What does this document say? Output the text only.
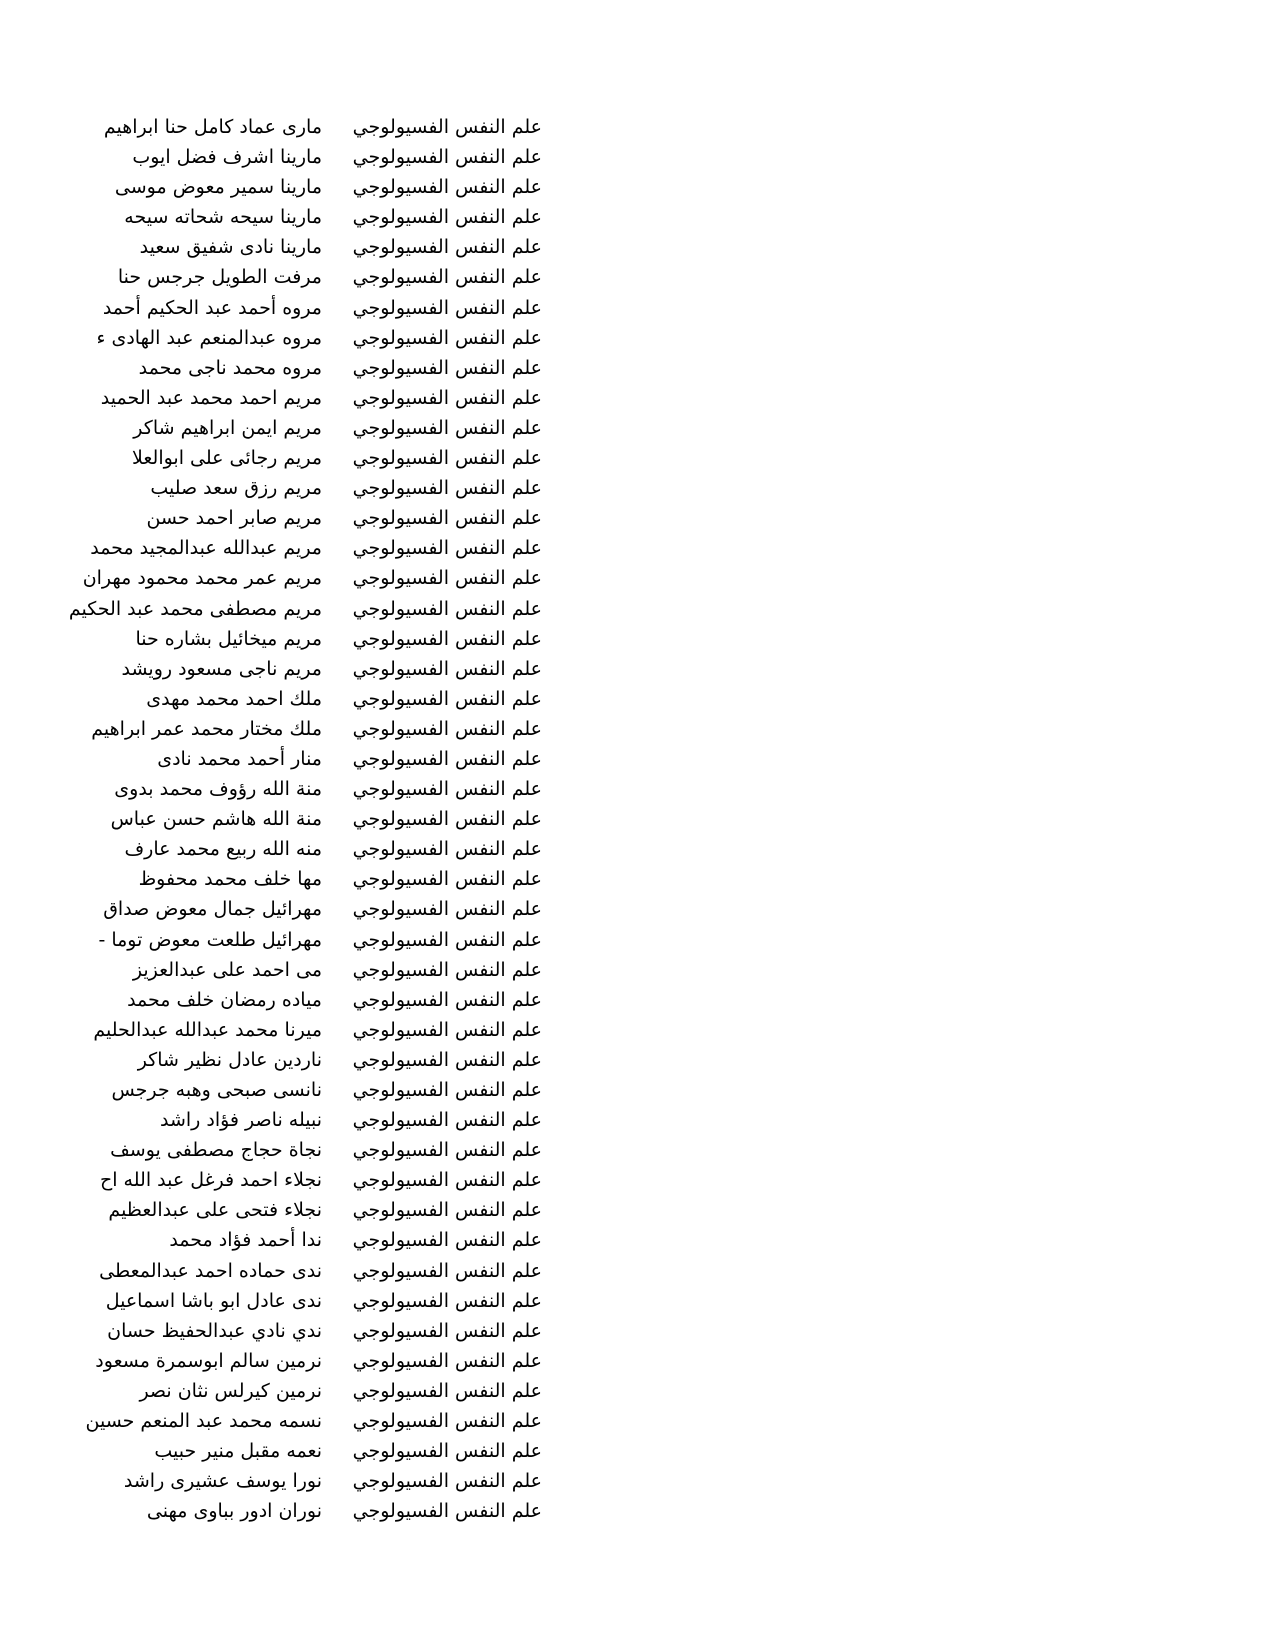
علم النفس الفسيولوجي
مارى عماد كامل حنا ابراهيم
علم النفس الفسيولوجي
مارينا اشرف فضل ايوب
علم النفس الفسيولوجي
مارينا سمير معوض موسى
علم النفس الفسيولوجي
مارينا سيحه شحاته سيحه
علم النفس الفسيولوجي
مارينا نادى شفيق سعيد
علم النفس الفسيولوجي
مرفت الطويل جرجس حنا
علم النفس الفسيولوجي
مروه أحمد عبد الحكيم أحمد
علم النفس الفسيولوجي
مروه عبدالمنعم عبد الهادى ء
علم النفس الفسيولوجي
مروه محمد ناجى محمد
علم النفس الفسيولوجي
مريم احمد محمد عبد الحميد
علم النفس الفسيولوجي
مريم ايمن ابراهيم شاكر
علم النفس الفسيولوجي
مريم رجائى على ابوالعلا
علم النفس الفسيولوجي
مريم رزق سعد صليب
علم النفس الفسيولوجي
مريم صابر احمد حسن
علم النفس الفسيولوجي
مريم عبدالله عبدالمجيد محمد
علم النفس الفسيولوجي
مريم عمر محمد محمود مهران
علم النفس الفسيولوجي
مريم مصطفى محمد عبد الحكيم
علم النفس الفسيولوجي
مريم ميخائيل بشاره حنا
علم النفس الفسيولوجي
مريم ناجى مسعود رويشد
علم النفس الفسيولوجي
ملك احمد محمد مهدى
علم النفس الفسيولوجي
ملك مختار محمد عمر ابراهيم
علم النفس الفسيولوجي
منار أحمد محمد نادى
علم النفس الفسيولوجي
منة الله رؤوف محمد بدوى
علم النفس الفسيولوجي
منة الله هاشم حسن عباس
علم النفس الفسيولوجي
منه الله ربيع محمد عارف
علم النفس الفسيولوجي
مها خلف محمد محفوظ
علم النفس الفسيولوجي
مهرائيل جمال معوض صداق
علم النفس الفسيولوجي
مهرائيل طلعت معوض توما -
علم النفس الفسيولوجي
مى احمد على عبدالعزيز
علم النفس الفسيولوجي
مياده رمضان خلف محمد
علم النفس الفسيولوجي
ميرنا محمد عبدالله عبدالحليم
علم النفس الفسيولوجي
ناردين عادل نظير شاكر
علم النفس الفسيولوجي
نانسى صبحى وهبه جرجس
علم النفس الفسيولوجي
نبيله ناصر فؤاد راشد
علم النفس الفسيولوجي
نجاة حجاج مصطفى يوسف
علم النفس الفسيولوجي
نجلاء احمد فرغل عبد الله اح
علم النفس الفسيولوجي
نجلاء فتحى على عبدالعظيم
علم النفس الفسيولوجي
ندا أحمد فؤاد محمد
علم النفس الفسيولوجي
ندى حماده احمد عبدالمعطى
علم النفس الفسيولوجي
ندى عادل ابو باشا اسماعيل
علم النفس الفسيولوجي
ندي نادي عبدالحفيظ حسان
علم النفس الفسيولوجي
نرمين سالم ابوسمرة مسعود
علم النفس الفسيولوجي
نرمين كيرلس نثان نصر
علم النفس الفسيولوجي
نسمه محمد عبد المنعم حسين
علم النفس الفسيولوجي
نعمه مقبل منير حبيب
علم النفس الفسيولوجي
نورا يوسف عشيرى راشد
علم النفس الفسيولوجي
نوران ادور بباوى مهنى
